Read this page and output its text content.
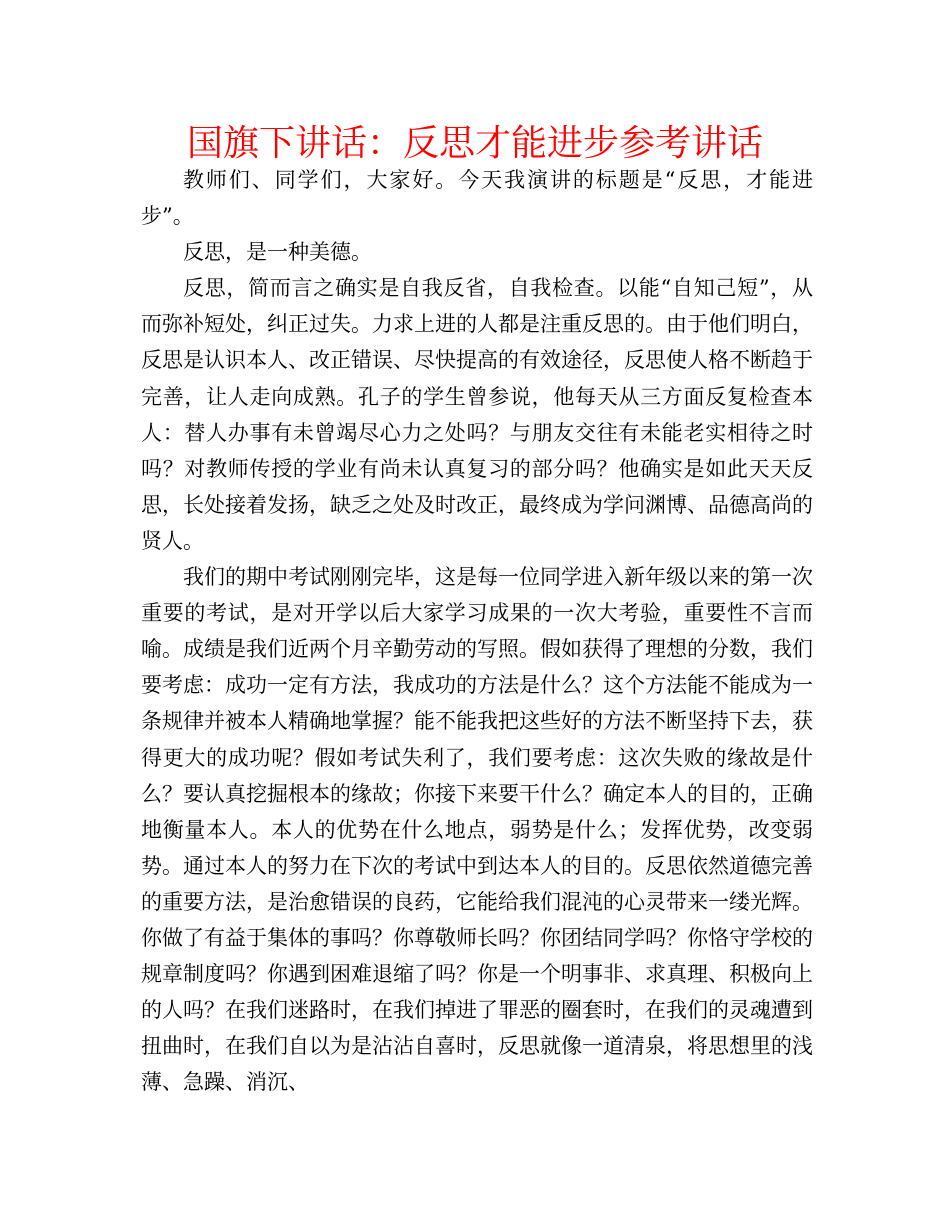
国旗下讲话：反思才能进步参考讲话

教师们、同学们，大家好。今天我演讲的标题是“反思，才能进步”。

反思，是一种美德。

反思，简而言之确实是自我反省，自我检查。以能“自知己短”，从而弥补短处，纠正过失。力求上进的人都是注重反思的。由于他们明白，反思是认识本人、改正错误、尽快提高的有效途径，反思使人格不断趋于完善，让人走向成熟。孔子的学生曾参说，他每天从三方面反复检查本人：替人办事有未曾竭尽心力之处吗？与朋友交往有未能老实相待之时吗？对教师传授的学业有尚未认真复习的部分吗？他确实是如此天天反思，长处接着发扬，缺乏之处及时改正，最终成为学问渊博、品德高尚的贤人。

我们的期中考试刚刚完毕，这是每一位同学进入新年级以来的第一次重要的考试，是对开学以后大家学习成果的一次大考验，重要性不言而喻。成绩是我们近两个月辛勤劳动的写照。假如获得了理想的分数，我们要考虑：成功一定有方法，我成功的方法是什么？这个方法能不能成为一条规律并被本人精确地掌握？能不能我把这些好的方法不断坚持下去，获得更大的成功呢？假如考试失利了，我们要考虑：这次失败的缘故是什么？要认真挖掘根本的缘故；你接下来要干什么？确定本人的目的，正确地衡量本人。本人的优势在什么地点，弱势是什么；发挥优势，改变弱势。通过本人的努力在下次的考试中到达本人的目的。反思依然道德完善的重要方法，是治愈错误的良药，它能给我们混沌的心灵带来一缕光辉。你做了有益于集体的事吗？你尊敬师长吗？你团结同学吗？你恪守学校的规章制度吗？你遇到困难退缩了吗？你是一个明事非、求真理、积极向上的人吗？在我们迷路时，在我们掉进了罪恶的圈套时，在我们的灵魂遭到扭曲时，在我们自以为是沾沾自喜时，反思就像一道清泉，将思想里的浅薄、急躁、消沉、
